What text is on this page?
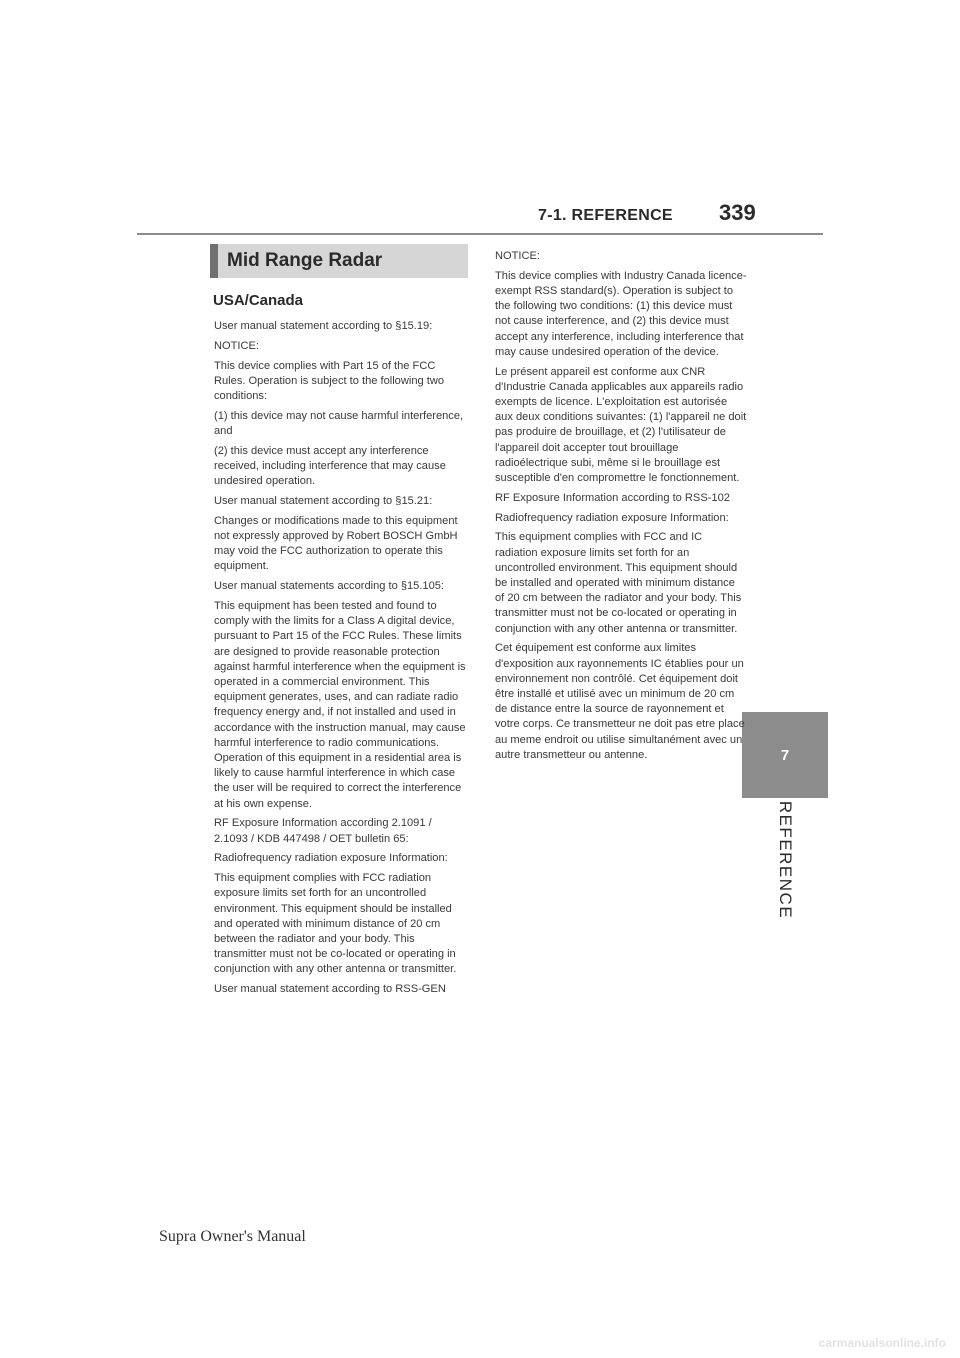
7-1. REFERENCE 339
7
REFERENCE
Mid Range Radar
USA/Canada

User manual statement according to §15.19:

NOTICE:

This device complies with Part 15 of the FCC Rules. Operation is subject to the following two conditions:

(1) this device may not cause harmful interference, and

(2) this device must accept any interference received, including interference that may cause undesired operation.

User manual statement according to §15.21:

Changes or modifications made to this equipment not expressly approved by Robert BOSCH GmbH may void the FCC authorization to operate this equipment.

User manual statements according to §15.105:

This equipment has been tested and found to comply with the limits for a Class A digital device, pursuant to Part 15 of the FCC Rules. These limits are designed to provide reasonable protection against harmful interference when the equipment is operated in a commercial environment. This equipment generates, uses, and can radiate radio frequency energy and, if not installed and used in accordance with the instruction manual, may cause harmful interference to radio communications. Operation of this equipment in a residential area is likely to cause harmful interference in which case the user will be required to correct the interference at his own expense.

RF Exposure Information according 2.1091 / 2.1093 / KDB 447498 / OET bulletin 65:

Radiofrequency radiation exposure Information:

This equipment complies with FCC radiation exposure limits set forth for an uncontrolled environment. This equipment should be installed and operated with minimum distance of 20 cm between the radiator and your body. This transmitter must not be co-located or operating in conjunction with any other antenna or transmitter.

User manual statement according to RSS-GEN

NOTICE:

This device complies with Industry Canada licence-exempt RSS standard(s). Operation is subject to the following two conditions: (1) this device must not cause interference, and (2) this device must accept any interference, including interference that may cause undesired operation of the device.

Le présent appareil est conforme aux CNR d'Industrie Canada applicables aux appareils radio exempts de licence. L'exploitation est autorisée aux deux conditions suivantes: (1) l'appareil ne doit pas produire de brouillage, et (2) l'utilisateur de l'appareil doit accepter tout brouillage radioélectrique subi, même si le brouillage est susceptible d'en compromettre le fonctionnement.

RF Exposure Information according to RSS-102

Radiofrequency radiation exposure Information:

This equipment complies with FCC and IC radiation exposure limits set forth for an uncontrolled environment. This equipment should be installed and operated with minimum distance of 20 cm between the radiator and your body. This transmitter must not be co-located or operating in conjunction with any other antenna or transmitter.

Cet équipement est conforme aux limites d'exposition aux rayonnements IC établies pour un environnement non contrôlé. Cet équipement doit être installé et utilisé avec un minimum de 20 cm de distance entre la source de rayonnement et votre corps. Ce transmetteur ne doit pas etre place au meme endroit ou utilise simultanément avec un autre transmetteur ou antenne.

Supra Owner's Manual
carmanualsonline.info
